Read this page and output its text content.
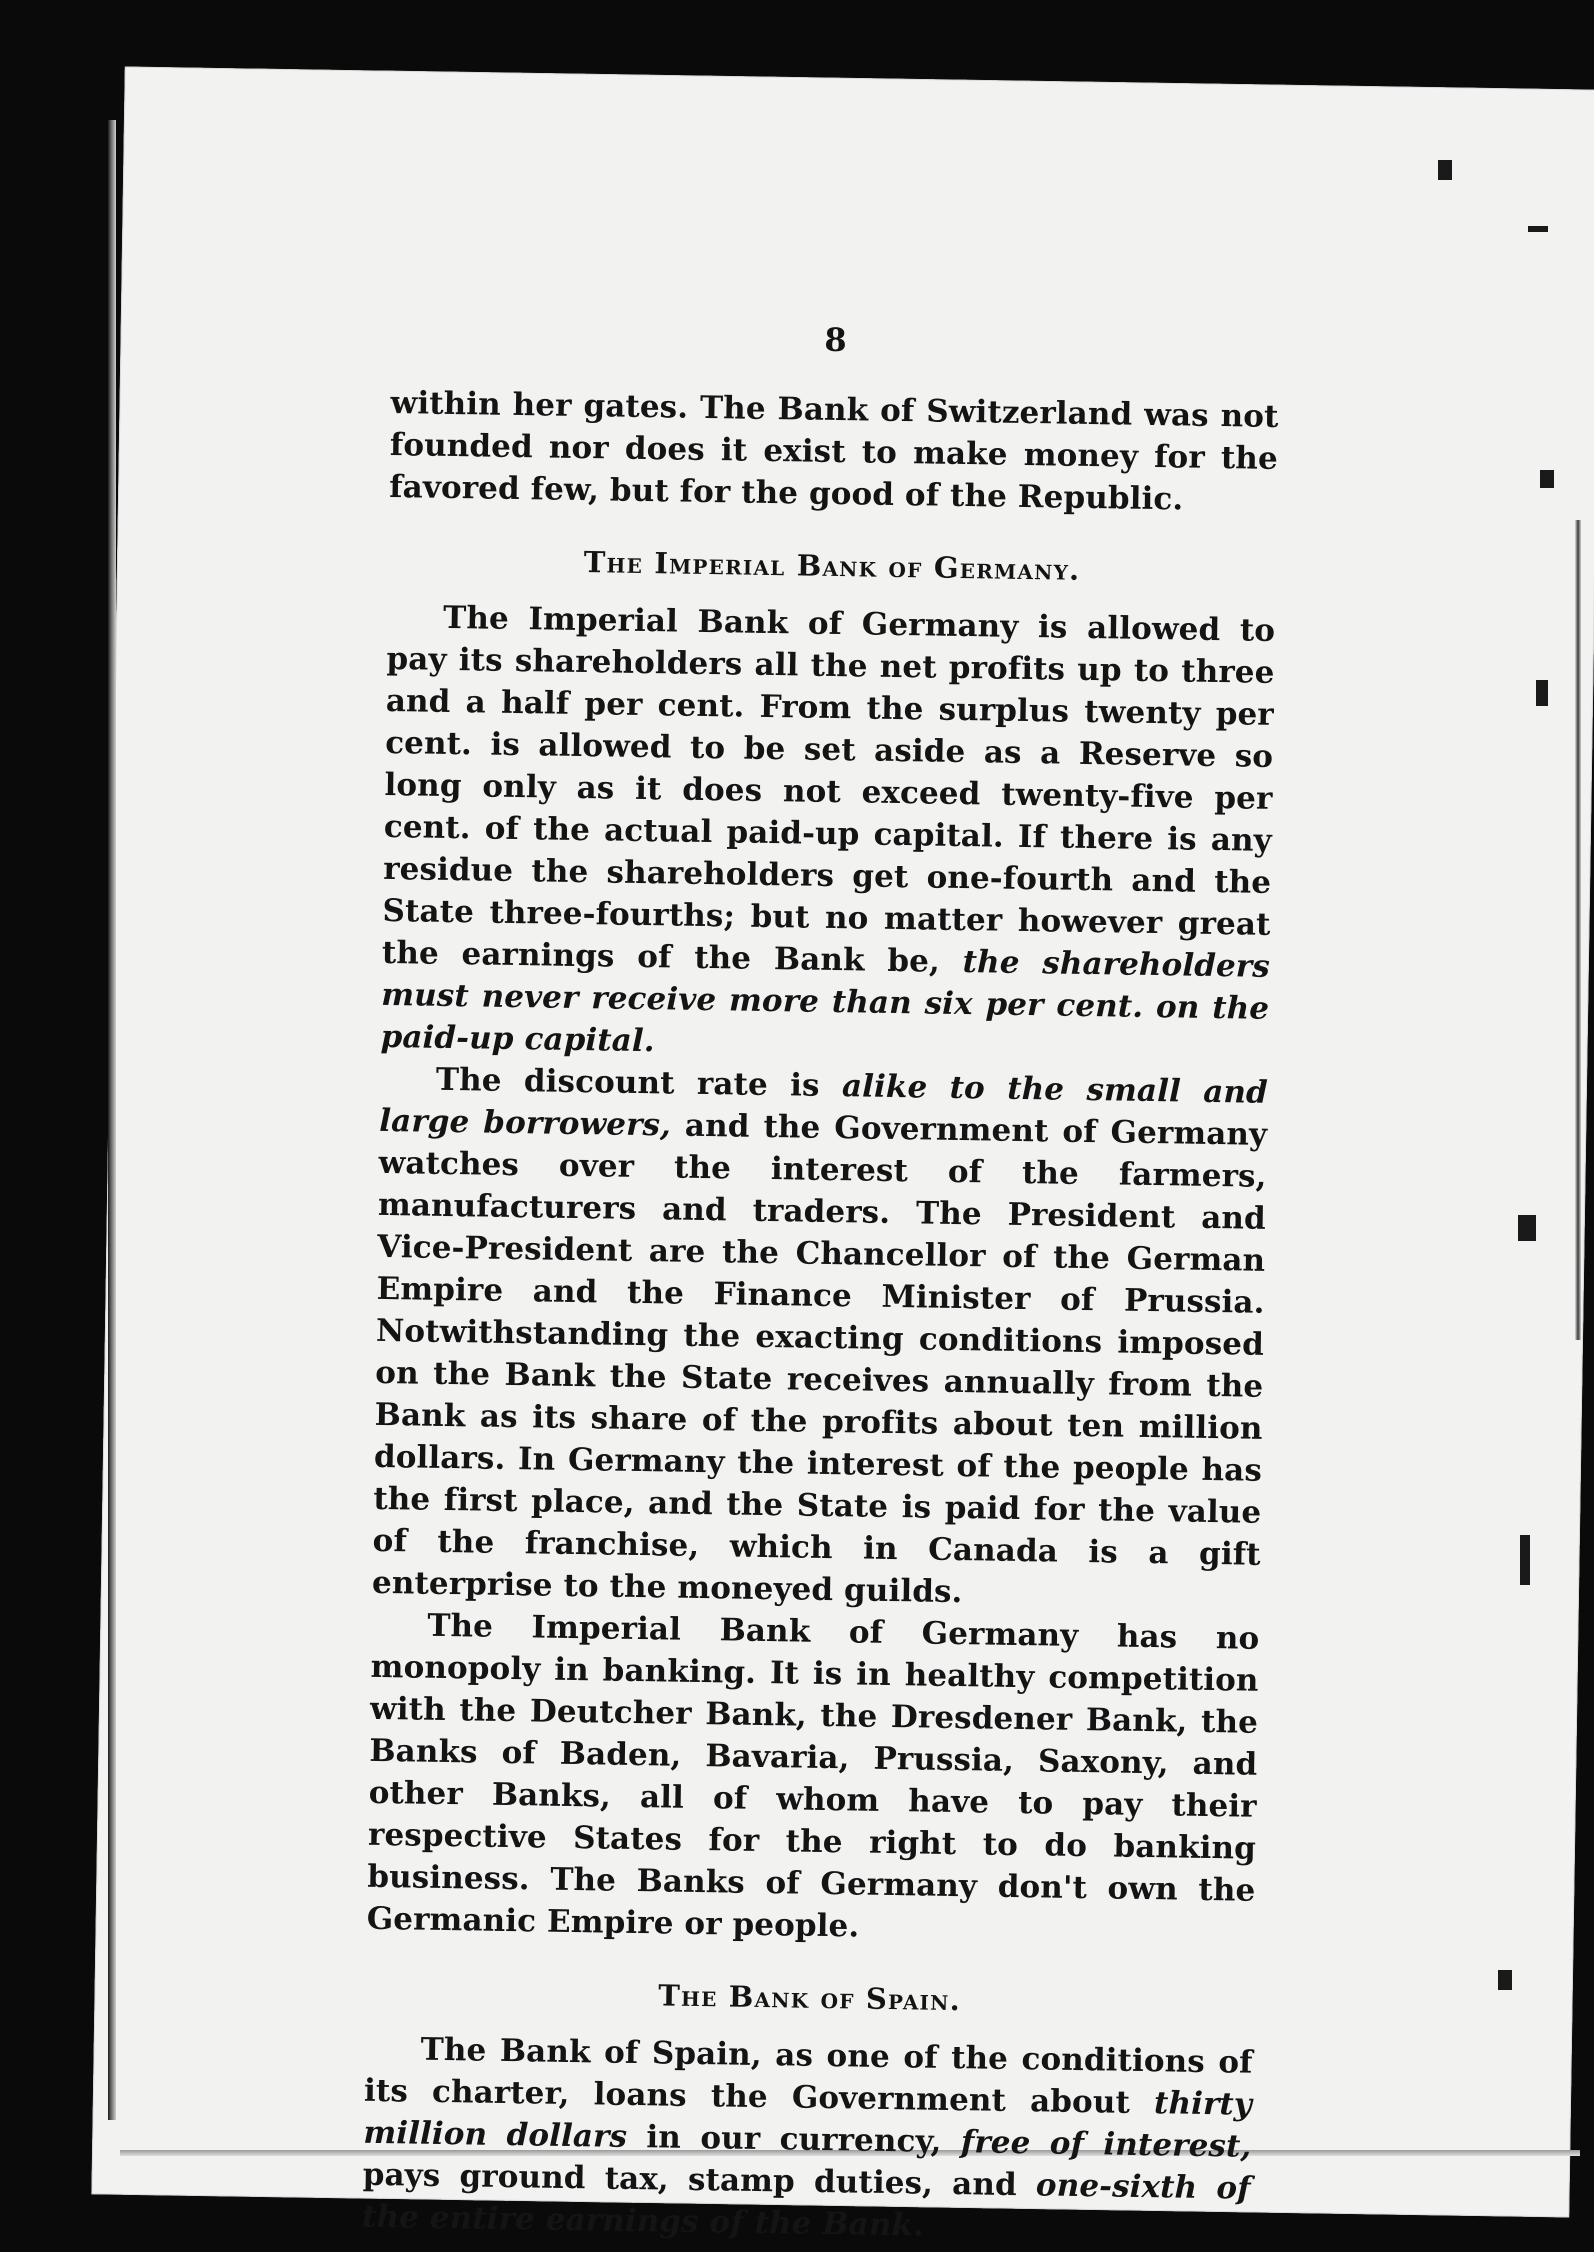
8

within her gates. The Bank of Switzerland was not founded nor does it exist to make money for the favored few, but for the good of the Republic.

The Imperial Bank of Germany.

The Imperial Bank of Germany is allowed to pay its shareholders all the net profits up to three and a half per cent. From the surplus twenty per cent. is allowed to be set aside as a Reserve so long only as it does not exceed twenty-five per cent. of the actual paid-up capital. If there is any residue the shareholders get one-fourth and the State three-fourths; but no matter however great the earnings of the Bank be, the shareholders must never receive more than six per cent. on the paid-up capital.

The discount rate is alike to the small and large borrowers, and the Government of Germany watches over the interest of the farmers, manufacturers and traders. The President and Vice-President are the Chancellor of the German Empire and the Finance Minister of Prussia. Notwithstanding the exacting conditions imposed on the Bank the State receives annually from the Bank as its share of the profits about ten million dollars. In Germany the interest of the people has the first place, and the State is paid for the value of the franchise, which in Canada is a gift enterprise to the moneyed guilds.

The Imperial Bank of Germany has no monopoly in banking. It is in healthy competition with the Deutcher Bank, the Dresdener Bank, the Banks of Baden, Bavaria, Prussia, Saxony, and other Banks, all of whom have to pay their respective States for the right to do banking business. The Banks of Germany don't own the Germanic Empire or people.

The Bank of Spain.

The Bank of Spain, as one of the conditions of its charter, loans the Government about thirty million dollars in our currency, free of interest, pays ground tax, stamp duties, and one-sixth of the entire earnings of the Bank.
